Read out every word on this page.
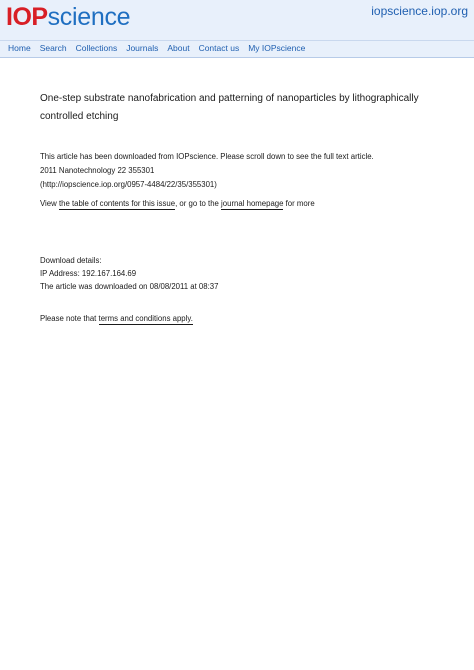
IOP science	iopscience.iop.org
Home Search Collections Journals About Contact us My IOPscience
One-step substrate nanofabrication and patterning of nanoparticles by lithographically
controlled etching
This article has been downloaded from IOPscience. Please scroll down to see the full text article.
2011 Nanotechnology 22 355301
(http://iopscience.iop.org/0957-4484/22/35/355301)
View the table of contents for this issue, or go to the journal homepage for more
Download details:
IP Address: 192.167.164.69
The article was downloaded on 08/08/2011 at 08:37
Please note that terms and conditions apply.
